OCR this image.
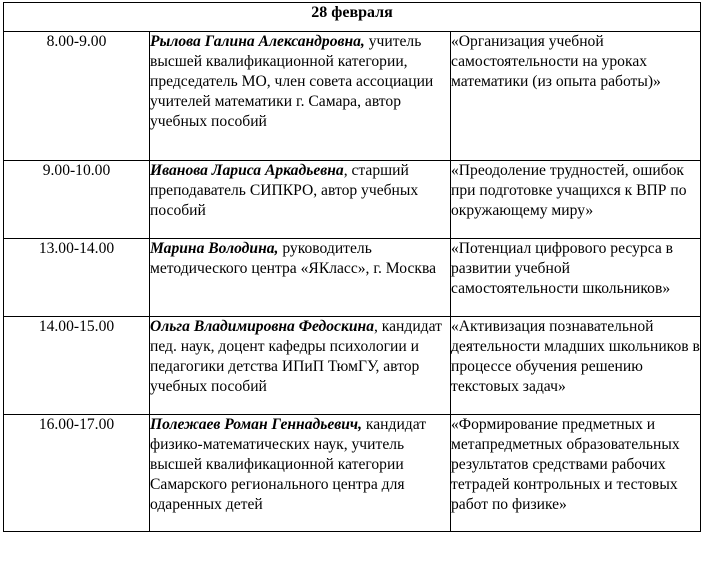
28 февраля		
8.00-9.00	Рылова Галина Александровна, учитель высшей квалификационной категории, председатель МО, член совета ассоциации учителей математики г. Самара, автор учебных пособий	«Организация учебной самостоятельности на уроках математики (из опыта работы)»
9.00-10.00	Иванова Лариса Аркадьевна, старший преподаватель СИПКРО, автор учебных пособий	«Преодоление трудностей, ошибок при подготовке учащихся к ВПР по окружающему миру»
13.00-14.00	Марина Володина, руководитель методического центра «ЯКласс», г. Москва	«Потенциал цифрового ресурса в развитии учебной самостоятельности школьников»
14.00-15.00	Ольга Владимировна Федоскина, кандидат пед. наук, доцент кафедры психологии и педагогики детства ИПиП ТюмГУ, автор учебных пособий	«Активизация познавательной деятельности младших школьников в процессе обучения решению текстовых задач»
16.00-17.00	Полежаев Роман Геннадьевич, кандидат физико-математических наук, учитель высшей квалификационной категории Самарского регионального центра для одаренных детей	«Формирование предметных и метапредметных образовательных результатов средствами рабочих тетрадей контрольных и тестовых работ по физике»
